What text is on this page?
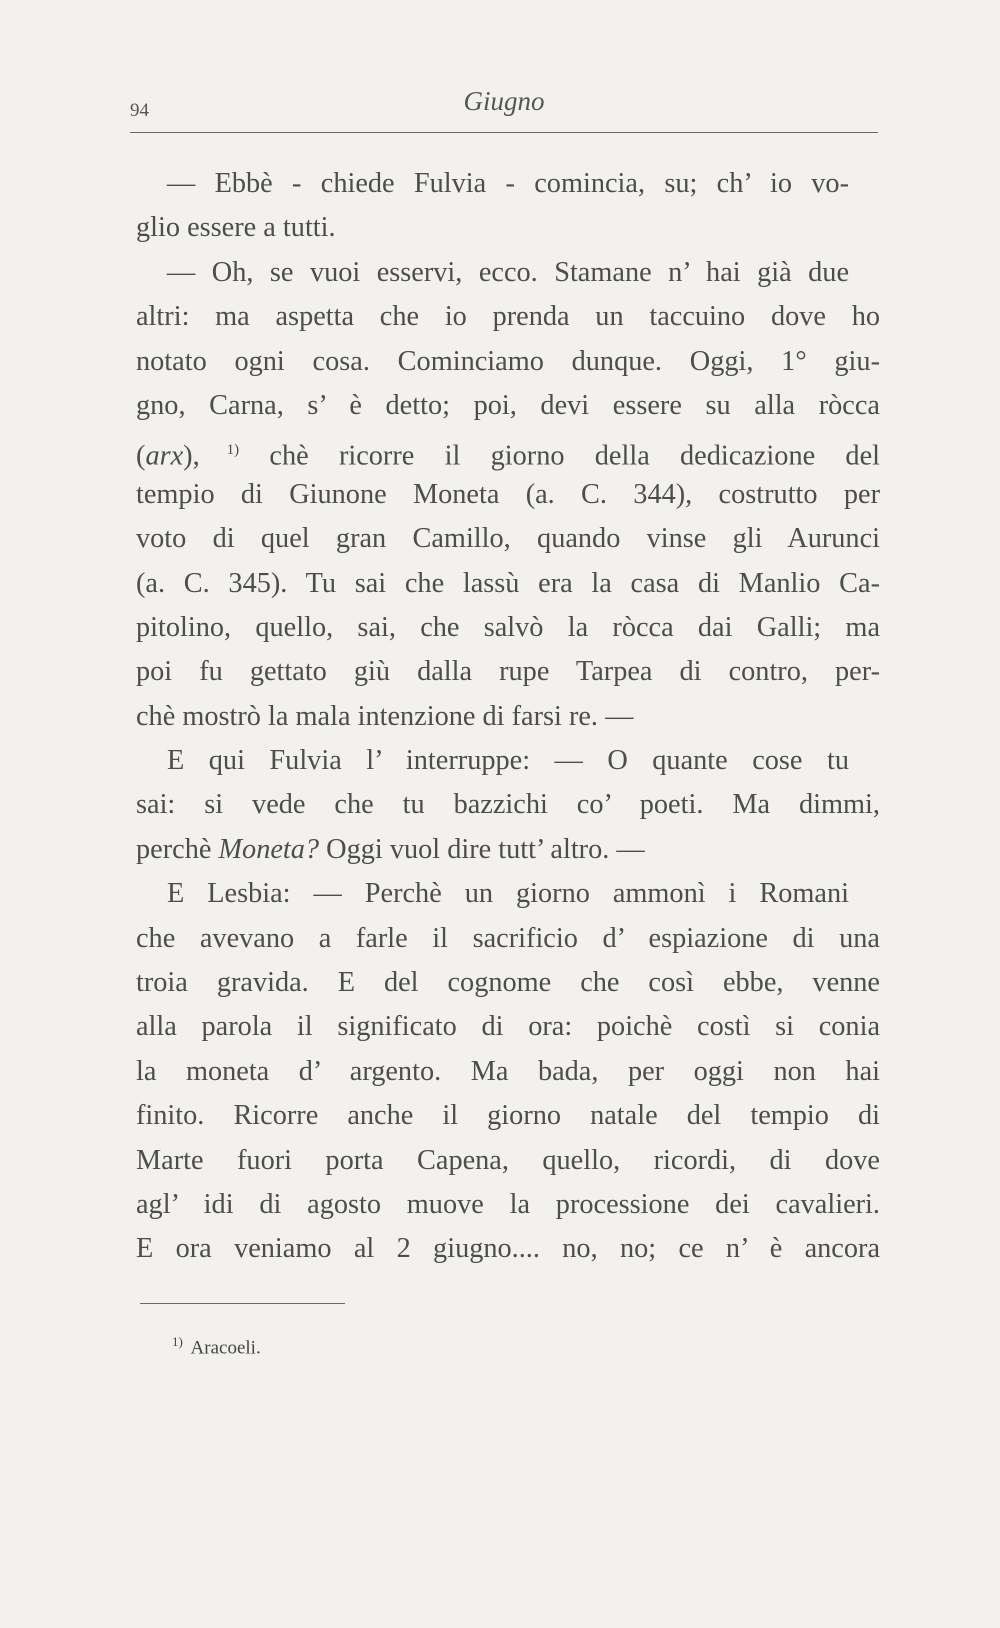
94	Giugno
— Ebbè - chiede Fulvia - comincia, su; ch’ io vo-
glio essere a tutti.
— Oh, se vuoi esservi, ecco. Stamane n’ hai già due
altri: ma aspetta che io prenda un taccuino dove ho
notato ogni cosa. Cominciamo dunque. Oggi, 1° giu-
gno, Carna, s’ è detto; poi, devi essere su alla ròcca
(arx), $^{1)}$ chè ricorre il giorno della dedicazione del
tempio di Giunone Moneta (a. C. 344), costrutto per
voto di quel gran Camillo, quando vinse gli Aurunci
(a. C. 345). Tu sai che lassù era la casa di Manlio Ca-
pitolino, quello, sai, che salvò la ròcca dai Galli; ma
poi fu gettato giù dalla rupe Tarpea di contro, per-
chè mostrò la mala intenzione di farsi re. —
E qui Fulvia l’ interruppe: — O quante cose tu
sai: si vede che tu bazzichi co’ poeti. Ma dimmi,
perchè Moneta? Oggi vuol dire tutt’ altro. —
E Lesbia: — Perchè un giorno ammonì i Romani
che avevano a farle il sacrificio d’ espiazione di una
troia gravida. E del cognome che così ebbe, venne
alla parola il significato di ora: poichè costì si conia
la moneta d’ argento. Ma bada, per oggi non hai
finito. Ricorre anche il giorno natale del tempio di
Marte fuori porta Capena, quello, ricordi, di dove
agl’ idi di agosto muove la processione dei cavalieri.
E ora veniamo al 2 giugno.... no, no; ce n’ è ancora
$^{1)}$ Aracoeli.
